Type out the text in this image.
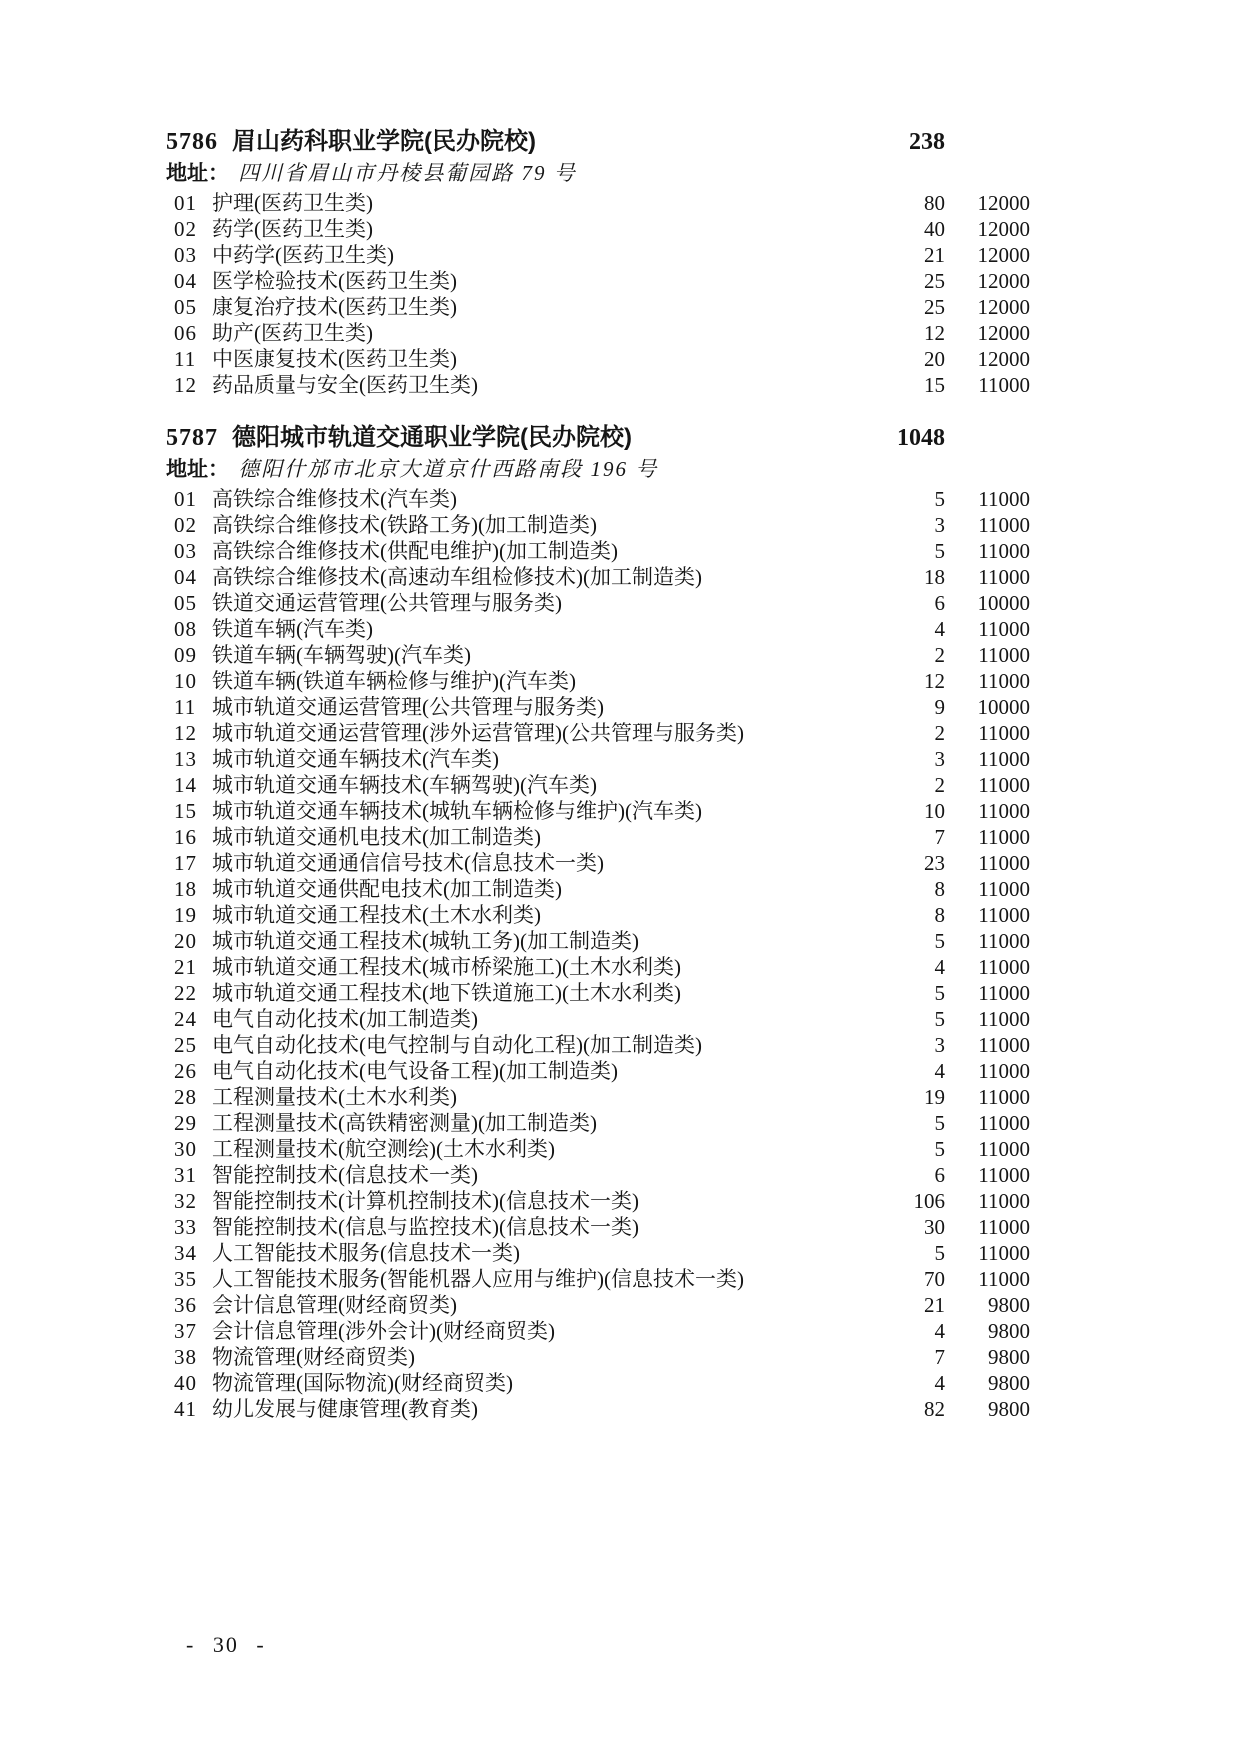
5786 眉山药科职业学院(民办院校)	238
地址： 四川省眉山市丹棱县葡园路 79 号
01 护理(医药卫生类)	80	12000
02 药学(医药卫生类)	40	12000
03 中药学(医药卫生类)	21	12000
04 医学检验技术(医药卫生类)	25	12000
05 康复治疗技术(医药卫生类)	25	12000
06 助产(医药卫生类)	12	12000
11 中医康复技术(医药卫生类)	20	12000
12 药品质量与安全(医药卫生类)	15	11000
5787 德阳城市轨道交通职业学院(民办院校)	1048
地址： 德阳什邡市北京大道京什西路南段 196 号
01 高铁综合维修技术(汽车类)	5	11000
02 高铁综合维修技术(铁路工务)(加工制造类)	3	11000
03 高铁综合维修技术(供配电维护)(加工制造类)	5	11000
04 高铁综合维修技术(高速动车组检修技术)(加工制造类)	18	11000
05 铁道交通运营管理(公共管理与服务类)	6	10000
08 铁道车辆(汽车类)	4	11000
09 铁道车辆(车辆驾驶)(汽车类)	2	11000
10 铁道车辆(铁道车辆检修与维护)(汽车类)	12	11000
11 城市轨道交通运营管理(公共管理与服务类)	9	10000
12 城市轨道交通运营管理(涉外运营管理)(公共管理与服务类)	2	11000
13 城市轨道交通车辆技术(汽车类)	3	11000
14 城市轨道交通车辆技术(车辆驾驶)(汽车类)	2	11000
15 城市轨道交通车辆技术(城轨车辆检修与维护)(汽车类)	10	11000
16 城市轨道交通机电技术(加工制造类)	7	11000
17 城市轨道交通通信信号技术(信息技术一类)	23	11000
18 城市轨道交通供配电技术(加工制造类)	8	11000
19 城市轨道交通工程技术(土木水利类)	8	11000
20 城市轨道交通工程技术(城轨工务)(加工制造类)	5	11000
21 城市轨道交通工程技术(城市桥梁施工)(土木水利类)	4	11000
22 城市轨道交通工程技术(地下铁道施工)(土木水利类)	5	11000
24 电气自动化技术(加工制造类)	5	11000
25 电气自动化技术(电气控制与自动化工程)(加工制造类)	3	11000
26 电气自动化技术(电气设备工程)(加工制造类)	4	11000
28 工程测量技术(土木水利类)	19	11000
29 工程测量技术(高铁精密测量)(加工制造类)	5	11000
30 工程测量技术(航空测绘)(土木水利类)	5	11000
31 智能控制技术(信息技术一类)	6	11000
32 智能控制技术(计算机控制技术)(信息技术一类)	106	11000
33 智能控制技术(信息与监控技术)(信息技术一类)	30	11000
34 人工智能技术服务(信息技术一类)	5	11000
35 人工智能技术服务(智能机器人应用与维护)(信息技术一类)	70	11000
36 会计信息管理(财经商贸类)	21	9800
37 会计信息管理(涉外会计)(财经商贸类)	4	9800
38 物流管理(财经商贸类)	7	9800
40 物流管理(国际物流)(财经商贸类)	4	9800
41 幼儿发展与健康管理(教育类)	82	9800
- 30 -
